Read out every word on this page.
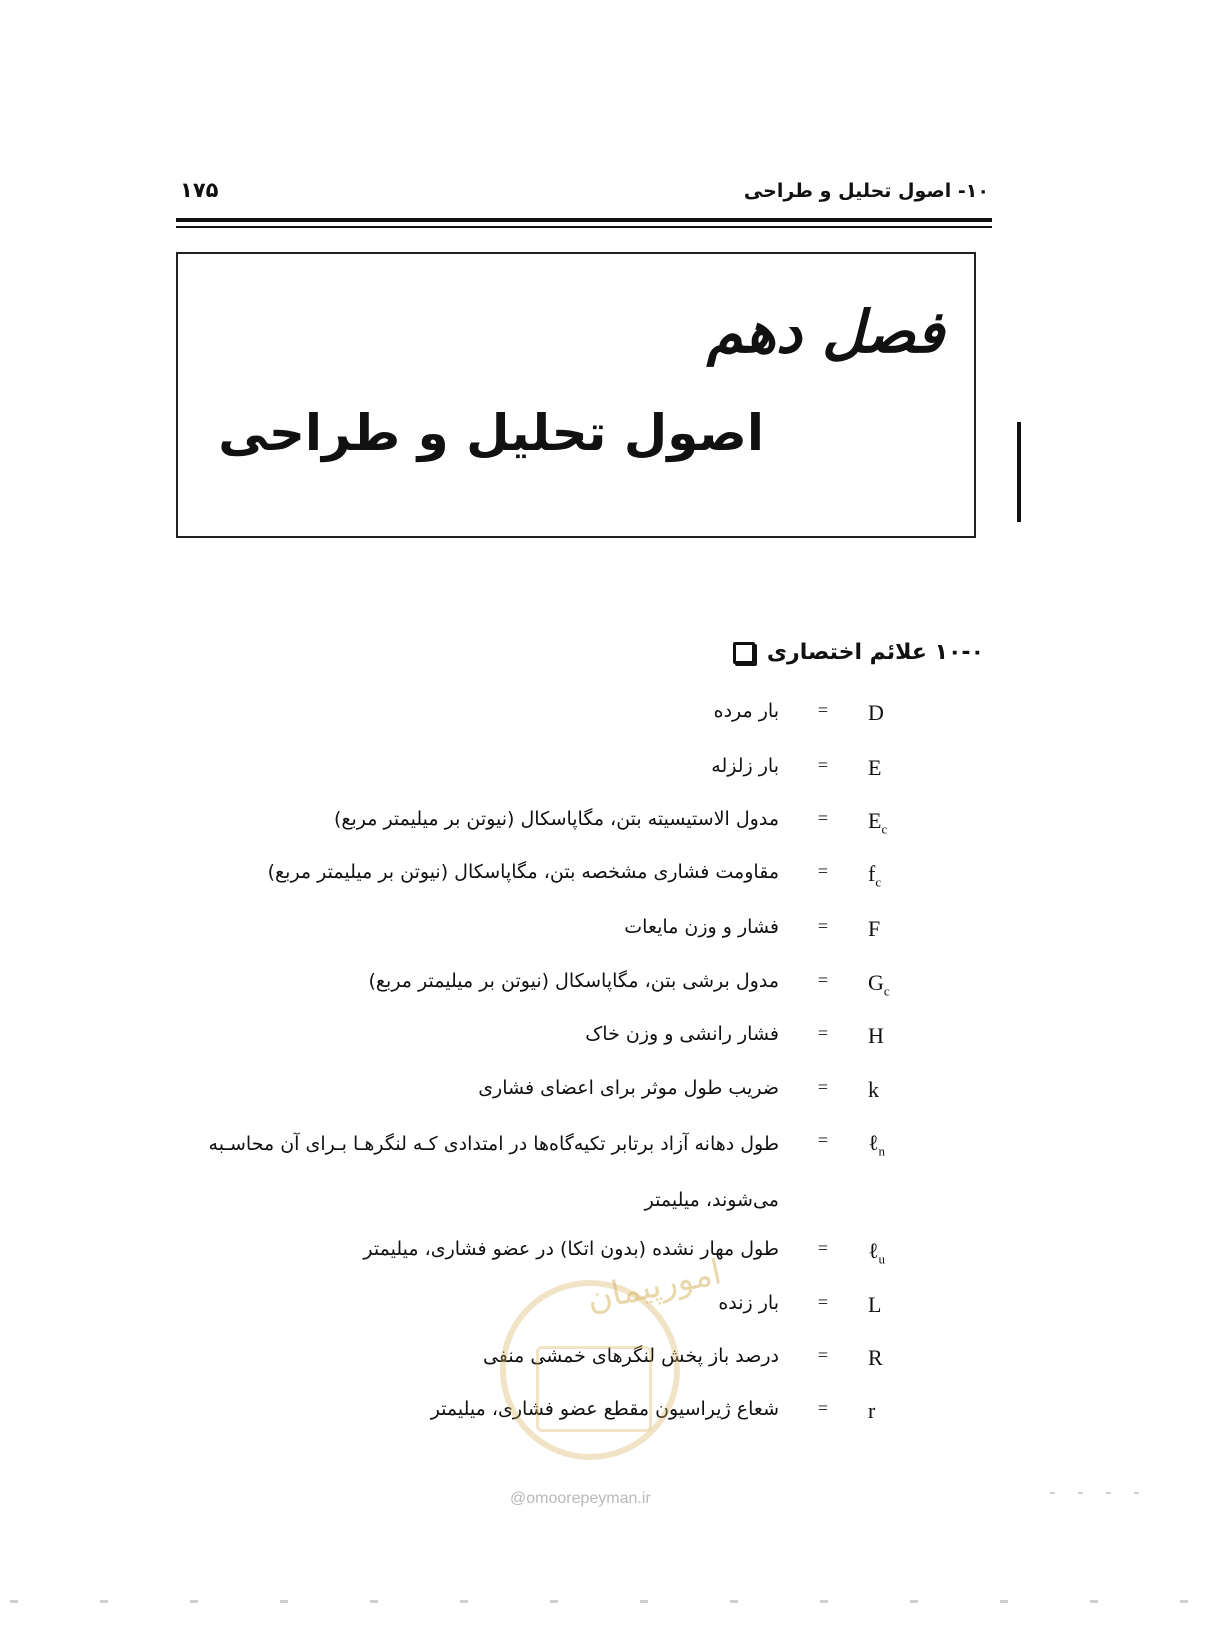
۱۷۵	۱۰- اصول تحلیل و طراحی
فصل دهم
اصول تحلیل و طراحی
۱۰-۰ علائم اختصاری
D
=
بار مرده
E
=
بار زلزله
$E_c$
=
مدول الاستیسیته بتن، مگاپاسکال (نیوتن بر میلیمتر مربع)
$f_c$
=
مقاومت فشاری مشخصه بتن، مگاپاسکال (نیوتن بر میلیمتر مربع)
F
=
فشار و وزن مایعات
$G_c$
=
مدول برشی بتن، مگاپاسکال (نیوتن بر میلیمتر مربع)
H
=
فشار رانشی و وزن خاک
k
=
ضریب طول موثر برای اعضای فشاری
ℓ$_n$
=
طول دهانه آزاد برتابر تکیه‌گاه‌ها در امتدادی کـه لنگرهـا بـرای آن محاسـبه می‌شوند، میلیمتر
ℓ$_u$
=
طول مهار نشده (بدون اتکا) در عضو فشاری، میلیمتر
L
=
بار زنده
R
=
درصد باز پخش لنگرهای خمشی منفی
r
=
شعاع ژیراسیون مقطع عضو فشاری، میلیمتر
امورپیمان
@omoorepeyman.ir
